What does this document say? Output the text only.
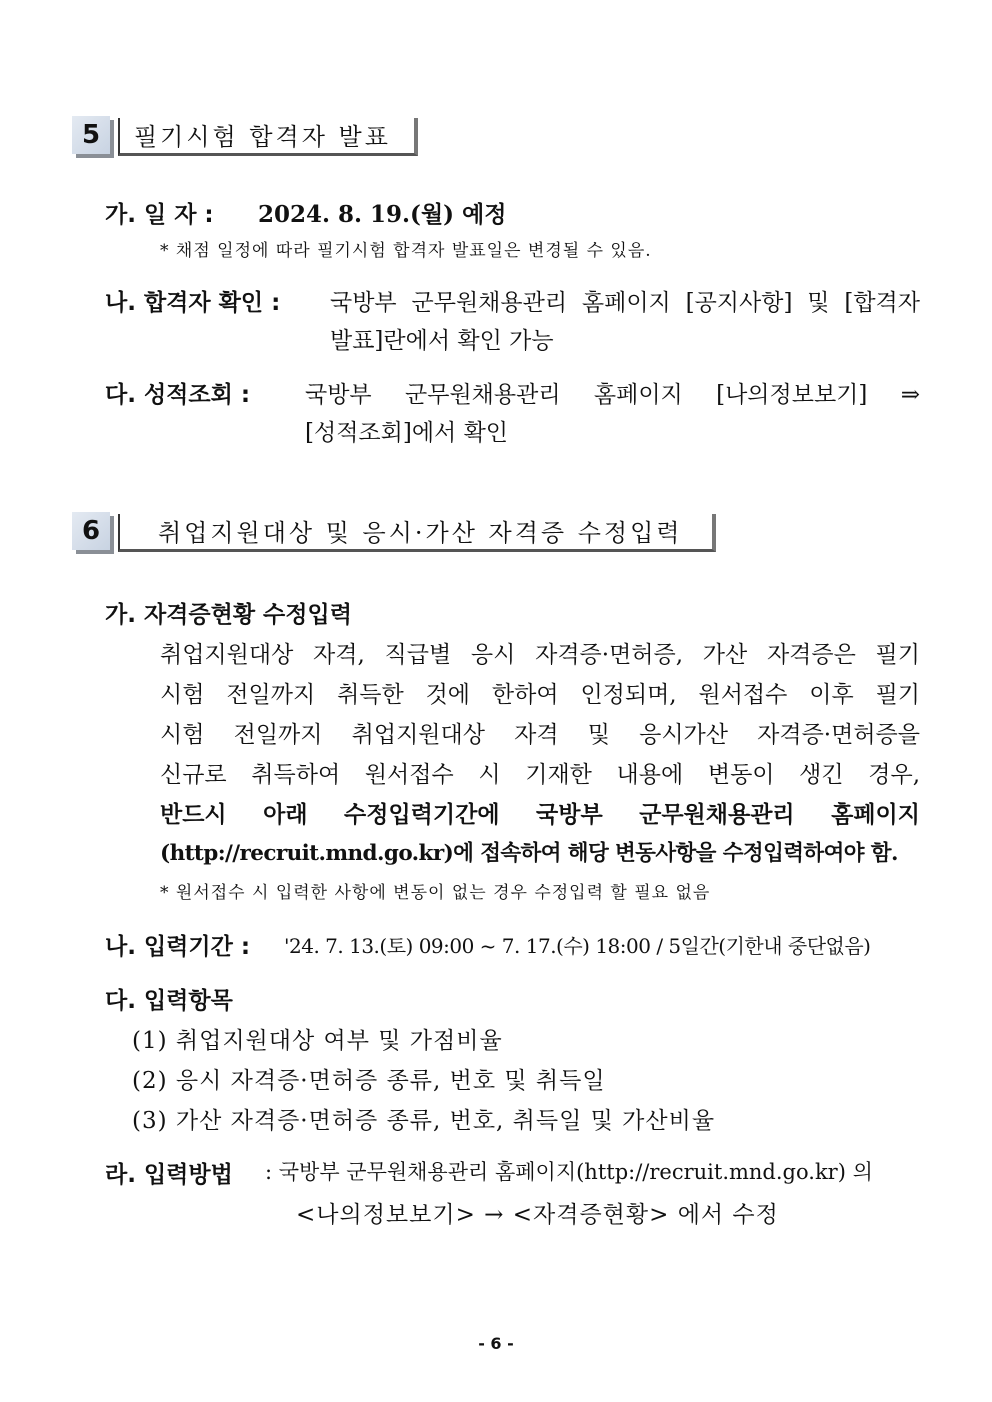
5	필기시험 합격자 발표
가. 일 자 : 2024. 8. 19.(월) 예정
* 채점 일정에 따라 필기시험 합격자 발표일은 변경될 수 있음.
나. 합격자 확인 : 국방부 군무원채용관리 홈페이지 [공지사항] 및 [합격자
발표]란에서 확인 가능
다. 성적조회 : 국방부 군무원채용관리 홈페이지 [나의정보보기] ⇒
[성적조회]에서 확인
6	취업지원대상 및 응시·가산 자격증 수정입력
가. 자격증현황 수정입력
취업지원대상 자격, 직급별 응시 자격증·면허증, 가산 자격증은 필기
시험 전일까지 취득한 것에 한하여 인정되며, 원서접수 이후 필기
시험 전일까지 취업지원대상 자격 및 응시가산 자격증·면허증을
신규로 취득하여 원서접수 시 기재한 내용에 변동이 생긴 경우,
반드시 아래 수정입력기간에 국방부 군무원채용관리 홈페이지
(http://recruit.mnd.go.kr)에 접속하여 해당 변동사항을 수정입력하여야 함.
* 원서접수 시 입력한 사항에 변동이 없는 경우 수정입력 할 필요 없음
나. 입력기간 : '24. 7. 13.(토) 09:00 ~ 7. 17.(수) 18:00 / 5일간(기한내 중단없음)
다. 입력항목
(1) 취업지원대상 여부 및 가점비율
(2) 응시 자격증·면허증 종류, 번호 및 취득일
(3) 가산 자격증·면허증 종류, 번호, 취득일 및 가산비율
라. 입력방법 : 국방부 군무원채용관리 홈페이지(http://recruit.mnd.go.kr) 의
<나의정보보기> → <자격증현황> 에서 수정
- 6 -
